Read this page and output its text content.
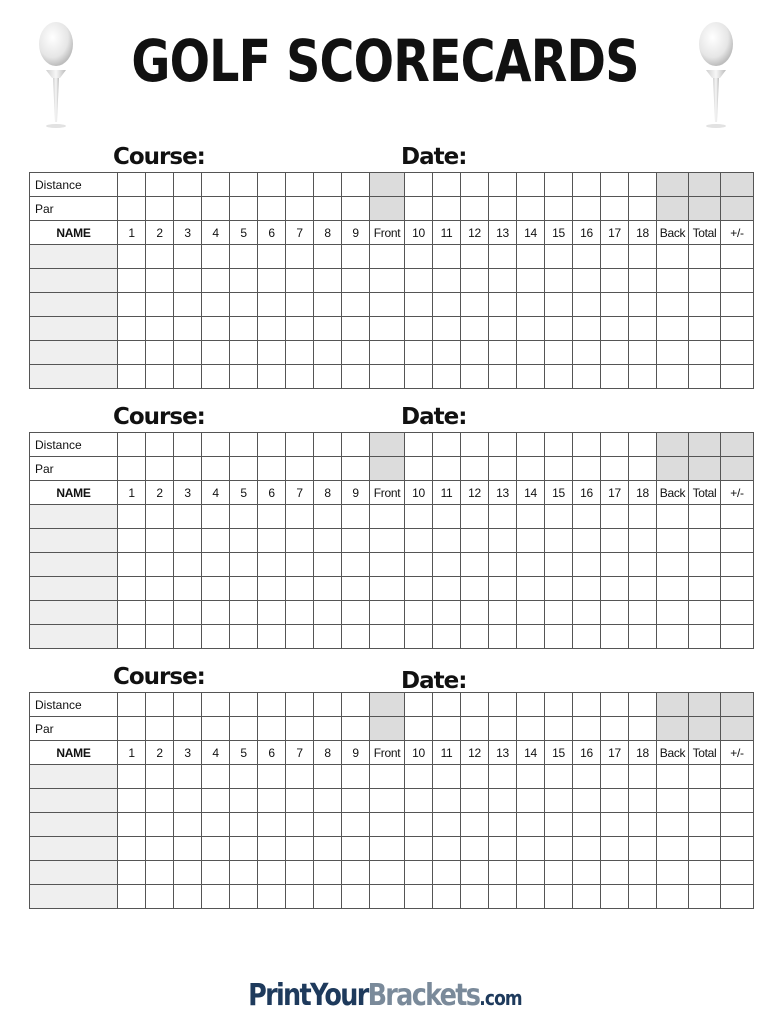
GOLF SCORECARDS
Course:	Date:
Distance																						
Par																						
NAME	1	2	3	4	5	6	7	8	9	Front	10	11	12	13	14	15	16	17	18	Back	Total	+/-

Course:	Date:
Distance																						
Par																						
NAME	1	2	3	4	5	6	7	8	9	Front	10	11	12	13	14	15	16	17	18	Back	Total	+/-

Course:	Date:
Distance																						
Par																						
NAME	1	2	3	4	5	6	7	8	9	Front	10	11	12	13	14	15	16	17	18	Back	Total	+/-

PrintYourBrackets.com
